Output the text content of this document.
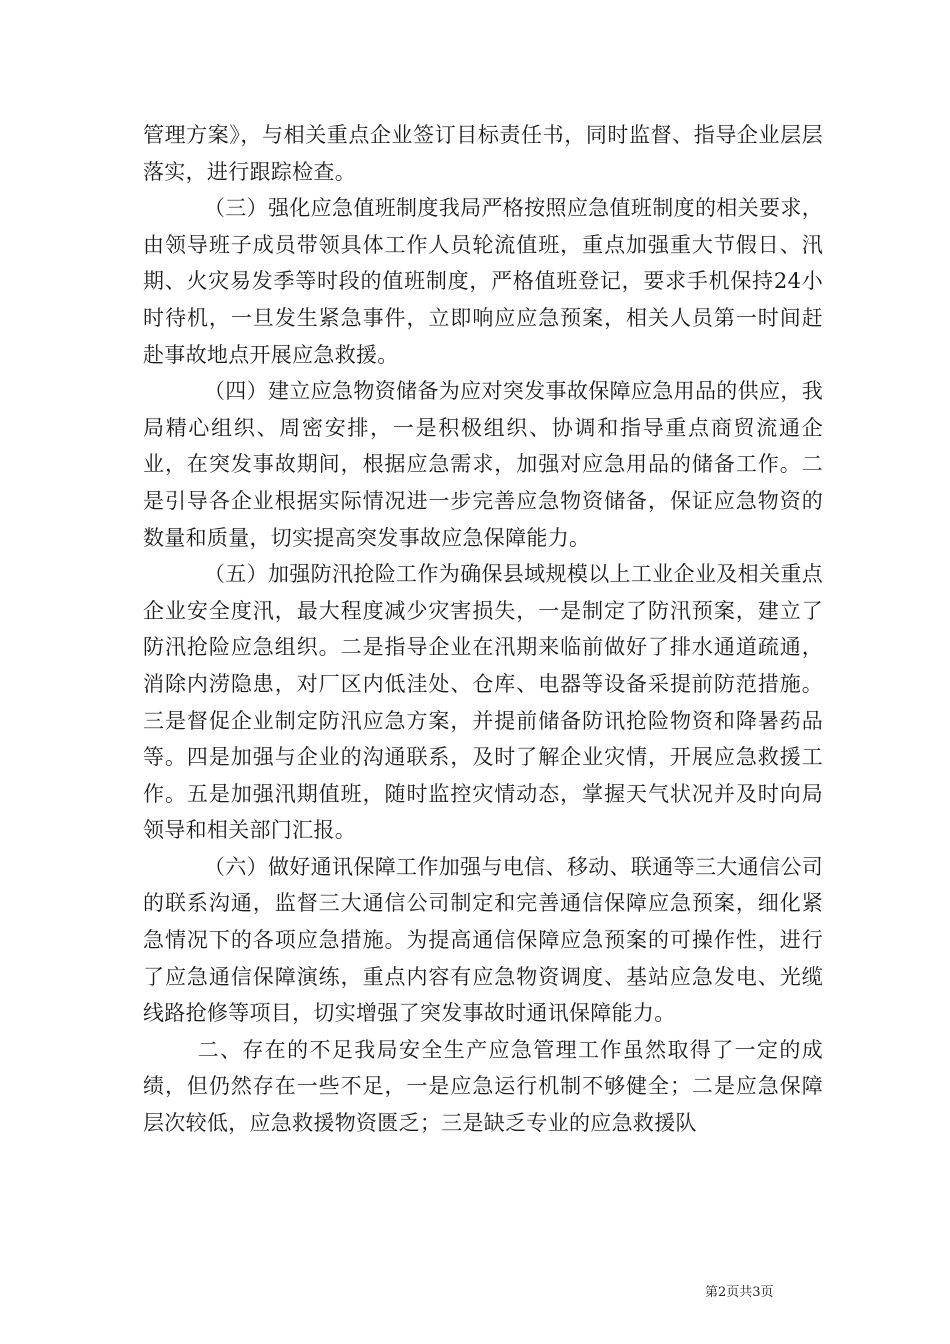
管理方案》，与相关重点企业签订目标责任书，同时监督、指导企业层层落实，进行跟踪检查。

（三）强化应急值班制度我局严格按照应急值班制度的相关要求，由领导班子成员带领具体工作人员轮流值班，重点加强重大节假日、汛期、火灾易发季等时段的值班制度，严格值班登记，要求手机保持24小时待机，一旦发生紧急事件，立即响应应急预案，相关人员第一时间赶赴事故地点开展应急救援。

（四）建立应急物资储备为应对突发事故保障应急用品的供应，我局精心组织、周密安排，一是积极组织、协调和指导重点商贸流通企业，在突发事故期间，根据应急需求，加强对应急用品的储备工作。二是引导各企业根据实际情况进一步完善应急物资储备，保证应急物资的数量和质量，切实提高突发事故应急保障能力。

（五）加强防汛抢险工作为确保县域规模以上工业企业及相关重点企业安全度汛，最大程度减少灾害损失，一是制定了防汛预案，建立了防汛抢险应急组织。二是指导企业在汛期来临前做好了排水通道疏通，消除内涝隐患，对厂区内低洼处、仓库、电器等设备采提前防范措施。三是督促企业制定防汛应急方案，并提前储备防讯抢险物资和降暑药品等。四是加强与企业的沟通联系，及时了解企业灾情，开展应急救援工作。五是加强汛期值班，随时监控灾情动态，掌握天气状况并及时向局领导和相关部门汇报。

（六）做好通讯保障工作加强与电信、移动、联通等三大通信公司的联系沟通，监督三大通信公司制定和完善通信保障应急预案，细化紧急情况下的各项应急措施。为提高通信保障应急预案的可操作性，进行了应急通信保障演练，重点内容有应急物资调度、基站应急发电、光缆线路抢修等项目，切实增强了突发事故时通讯保障能力。

二、存在的不足我局安全生产应急管理工作虽然取得了一定的成绩，但仍然存在一些不足，一是应急运行机制不够健全；二是应急保障层次较低，应急救援物资匮乏；三是缺乏专业的应急救援队

第2页共3页
